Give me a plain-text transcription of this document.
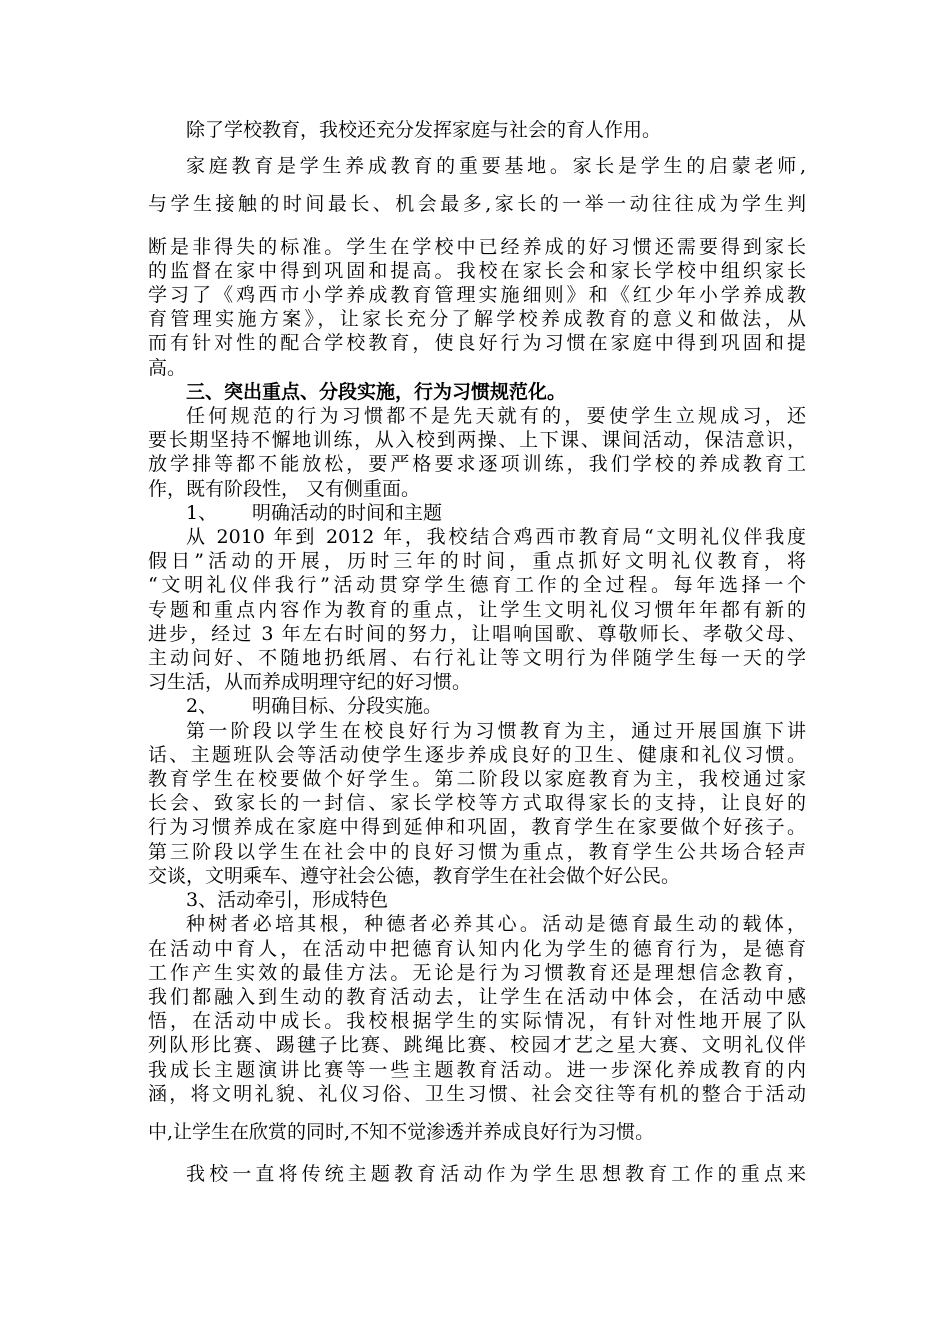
除了学校教育，我校还充分发挥家庭与社会的育人作用。

家庭教育是学生养成教育的重要基地。家长是学生的启蒙老师,

与学生接触的时间最长、机会最多,家长的一举一动往往成为学生判

断是非得失的标准。学生在学校中已经养成的好习惯还需要得到家长

的监督在家中得到巩固和提高。我校在家长会和家长学校中组织家长

学习了《鸡西市小学养成教育管理实施细则》和《红少年小学养成教

育管理实施方案》，让家长充分了解学校养成教育的意义和做法，从

而有针对性的配合学校教育，使良好行为习惯在家庭中得到巩固和提

高。

三、突出重点、分段实施，行为习惯规范化。

任何规范的行为习惯都不是先天就有的，要使学生立规成习，还

要长期坚持不懈地训练，从入校到两操、上下课、课间活动，保洁意识，

放学排等都不能放松，要严格要求逐项训练，我们学校的养成教育工

作，既有阶段性， 又有侧重面。

1、 明确活动的时间和主题

从 2010 年到 2012 年，我校结合鸡西市教育局“文明礼仪伴我度

假日”活动的开展，历时三年的时间，重点抓好文明礼仪教育，将

“文明礼仪伴我行”活动贯穿学生德育工作的全过程。每年选择一个

专题和重点内容作为教育的重点，让学生文明礼仪习惯年年都有新的

进步，经过 3 年左右时间的努力，让唱响国歌、尊敬师长、孝敬父母、

主动问好、不随地扔纸屑、右行礼让等文明行为伴随学生每一天的学

习生活，从而养成明理守纪的好习惯。

2、 明确目标、分段实施。

第一阶段以学生在校良好行为习惯教育为主，通过开展国旗下讲

话、主题班队会等活动使学生逐步养成良好的卫生、健康和礼仪习惯。

教育学生在校要做个好学生。第二阶段以家庭教育为主，我校通过家

长会、致家长的一封信、家长学校等方式取得家长的支持，让良好的

行为习惯养成在家庭中得到延伸和巩固，教育学生在家要做个好孩子。

第三阶段以学生在社会中的良好习惯为重点，教育学生公共场合轻声

交谈，文明乘车、遵守社会公德，教育学生在社会做个好公民。

3、活动牵引，形成特色

种树者必培其根，种德者必养其心。活动是德育最生动的载体，

在活动中育人，在活动中把德育认知内化为学生的德育行为，是德育

工作产生实效的最佳方法。无论是行为习惯教育还是理想信念教育，

我们都融入到生动的教育活动去，让学生在活动中体会，在活动中感

悟，在活动中成长。我校根据学生的实际情况，有针对性地开展了队

列队形比赛、踢毽子比赛、跳绳比赛、校园才艺之星大赛、文明礼仪伴

我成长主题演讲比赛等一些主题教育活动。进一步深化养成教育的内

涵，将文明礼貌、礼仪习俗、卫生习惯、社会交往等有机的整合于活动

中,让学生在欣赏的同时,不知不觉渗透并养成良好行为习惯。

我校一直将传统主题教育活动作为学生思想教育工作的重点来
